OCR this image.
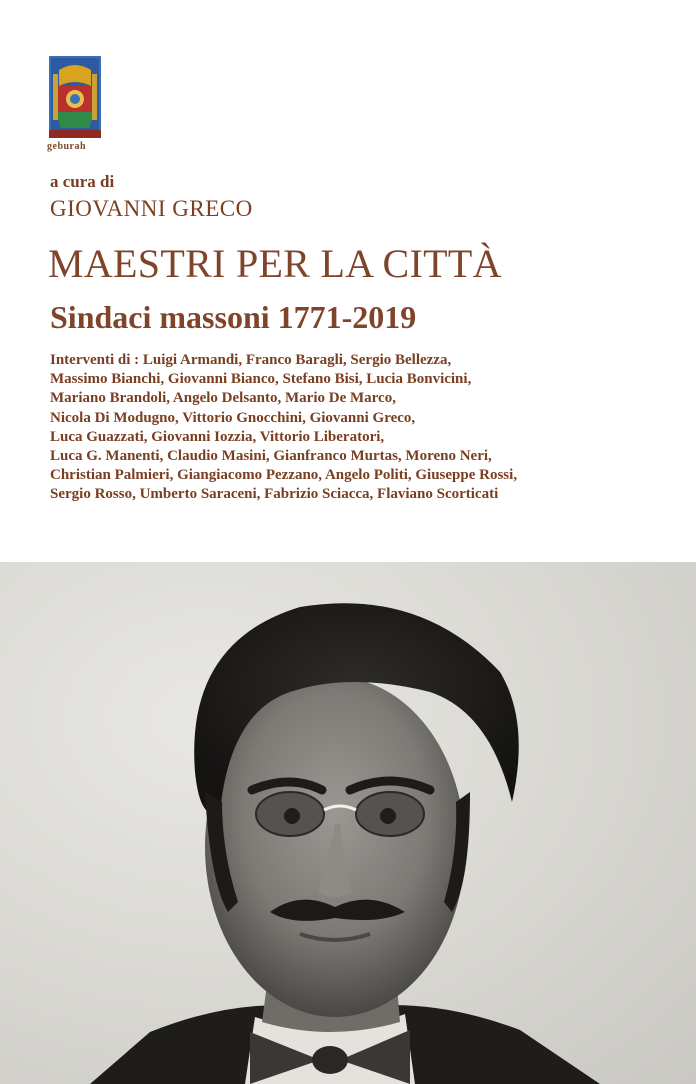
geburah
a cura di
GIOVANNI GRECO
MAESTRI PER LA CITTÀ
Sindaci massoni 1771-2019
Interventi di : Luigi Armandi, Franco Baragli, Sergio Bellezza,
Massimo Bianchi, Giovanni Bianco, Stefano Bisi, Lucia Bonvicini,
Mariano Brandoli, Angelo Delsanto, Mario De Marco,
Nicola Di Modugno, Vittorio Gnocchini, Giovanni Greco,
Luca Guazzati, Giovanni Iozzia, Vittorio Liberatori,
Luca G. Manenti, Claudio Masini, Gianfranco Murtas, Moreno Neri,
Christian Palmieri, Giangiacomo Pezzano, Angelo Politi, Giuseppe Rossi,
Sergio Rosso, Umberto Saraceni, Fabrizio Sciacca, Flaviano Scorticati
